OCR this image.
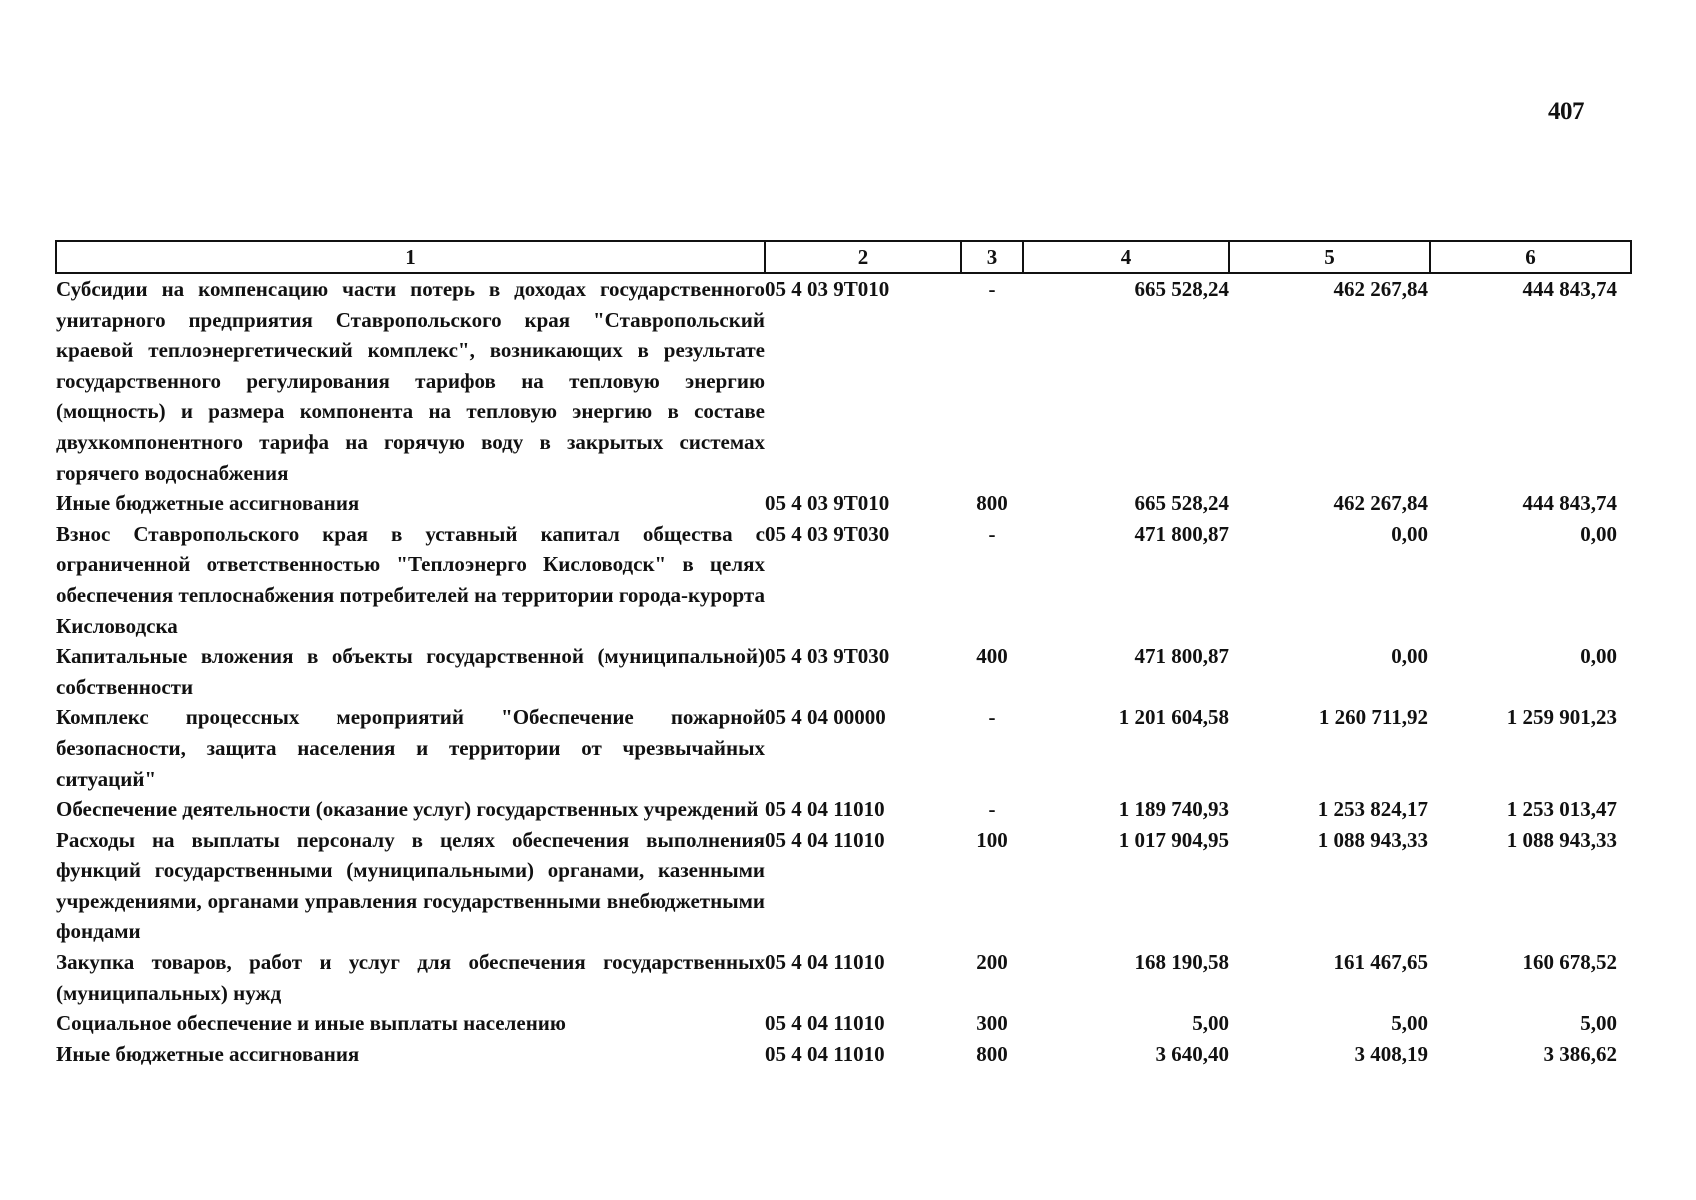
407
1	2	3	4	5	6
Субсидии на компенсацию части потерь в доходах государственного унитарного предприятия Ставропольского края "Ставропольский краевой теплоэнергетический комплекс", возникающих в результате государственного регулирования тарифов на тепловую энергию (мощность) и размера компонента на тепловую энергию в составе двухкомпонентного тарифа на горячую воду в закрытых системах горячего водоснабжения	05 4 03 9Т010	-	665 528,24	462 267,84	444 843,74
Иные бюджетные ассигнования	05 4 03 9Т010	800	665 528,24	462 267,84	444 843,74
Взнос Ставропольского края в уставный капитал общества с ограниченной ответственностью "Теплоэнерго Кисловодск" в целях обеспечения теплоснабжения потребителей на территории города-курорта Кисловодска	05 4 03 9Т030	-	471 800,87	0,00	0,00
Капитальные вложения в объекты государственной (муниципальной) собственности	05 4 03 9Т030	400	471 800,87	0,00	0,00
Комплекс процессных мероприятий "Обеспечение пожарной безопасности, защита населения и территории от чрезвычайных ситуаций"	05 4 04 00000	-	1 201 604,58	1 260 711,92	1 259 901,23
Обеспечение деятельности (оказание услуг) государственных учреждений	05 4 04 11010	-	1 189 740,93	1 253 824,17	1 253 013,47
Расходы на выплаты персоналу в целях обеспечения выполнения функций государственными (муниципальными) органами, казенными учреждениями, органами управления государственными внебюджетными фондами	05 4 04 11010	100	1 017 904,95	1 088 943,33	1 088 943,33
Закупка товаров, работ и услуг для обеспечения государственных (муниципальных) нужд	05 4 04 11010	200	168 190,58	161 467,65	160 678,52
Социальное обеспечение и иные выплаты населению	05 4 04 11010	300	5,00	5,00	5,00
Иные бюджетные ассигнования	05 4 04 11010	800	3 640,40	3 408,19	3 386,62
